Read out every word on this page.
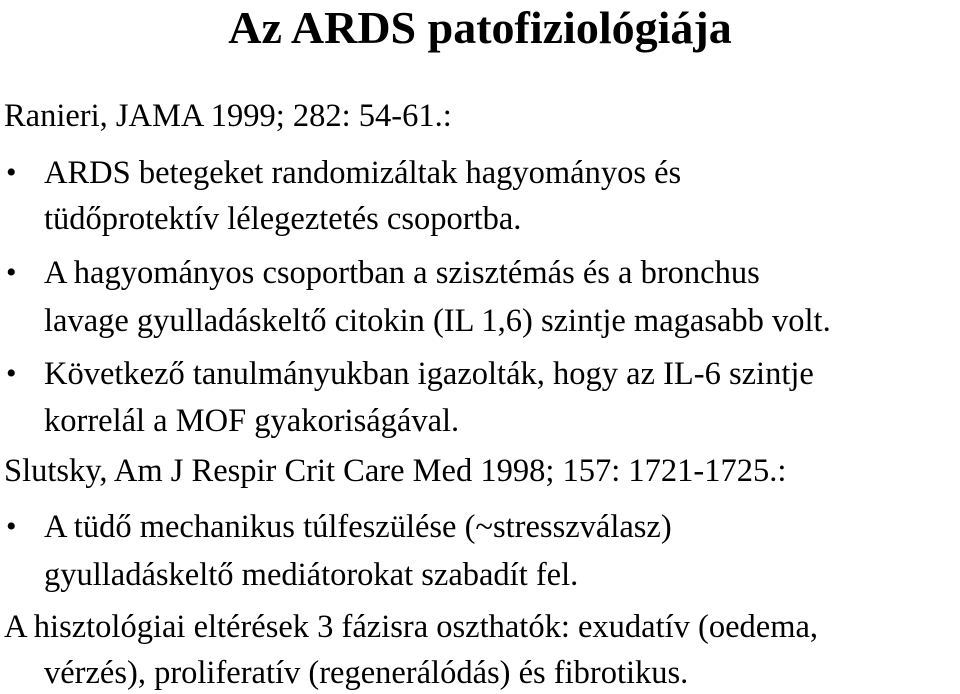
Az ARDS patofiziológiája
Ranieri, JAMA 1999; 282: 54-61.:
• ARDS betegeket randomizáltak hagyományos és
tüdőprotektív lélegeztetés csoportba.
• A hagyományos csoportban a szisztémás és a bronchus
lavage gyulladáskeltő citokin (IL 1,6) szintje magasabb volt.
• Következő tanulmányukban igazolták, hogy az IL-6 szintje
korrelál a MOF gyakoriságával.
Slutsky, Am J Respir Crit Care Med 1998; 157: 1721-1725.:
• A tüdő mechanikus túlfeszülése (~stresszválasz)
gyulladáskeltő mediátorokat szabadít fel.
A hisztológiai eltérések 3 fázisra oszthatók: exudatív (oedema,
vérzés), proliferatív (regenerálódás) és fibrotikus.
